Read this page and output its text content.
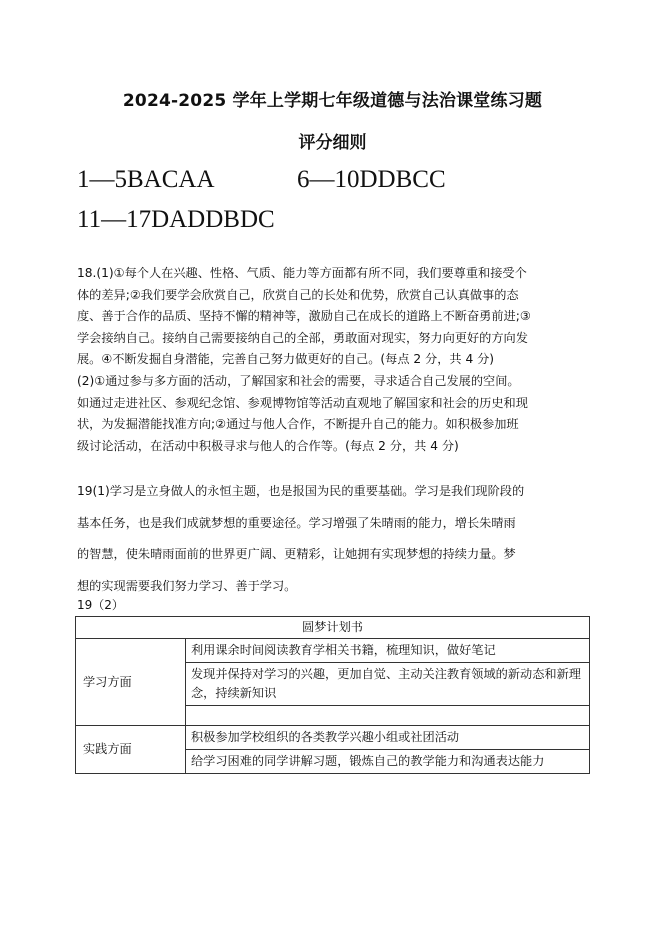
2024-2025 学年上学期七年级道德与法治课堂练习题
评分细则
1—5BACAA	6—10DDBCC
11—17DADDBDC
18.(1)①每个人在兴趣、性格、气质、能力等方面都有所不同，我们要尊重和接受个
体的差异;②我们要学会欣赏自己，欣赏自己的长处和优势，欣赏自己认真做事的态
度、善于合作的品质、坚持不懈的精神等，激励自己在成长的道路上不断奋勇前进;③
学会接纳自己。接纳自己需要接纳自己的全部，勇敢面对现实，努力向更好的方向发
展。④不断发掘自身潜能，完善自己努力做更好的自己。(每点 2 分，共 4 分)
(2)①通过参与多方面的活动，了解国家和社会的需要，寻求适合自己发展的空间。
如通过走进社区、参观纪念馆、参观博物馆等活动直观地了解国家和社会的历史和现
状，为发掘潜能找准方向;②通过与他人合作，不断提升自己的能力。如积极参加班
级讨论活动，在活动中积极寻求与他人的合作等。(每点 2 分，共 4 分)
19(1)学习是立身做人的永恒主题，也是报国为民的重要基础。学习是我们现阶段的
基本任务，也是我们成就梦想的重要途径。学习增强了朱晴雨的能力，增长朱晴雨
的智慧，使朱晴雨面前的世界更广阔、更精彩，让她拥有实现梦想的持续力量。梦
想的实现需要我们努力学习、善于学习。
19（2）
圆梦计划书	
学习方面	利用课余时间阅读教育学相关书籍，梳理知识，做好笔记
	发现并保持对学习的兴趣，更加自觉、主动关注教育领域的新动态和新理念，持续新知识

实践方面	积极参加学校组织的各类教学兴趣小组或社团活动
	给学习困难的同学讲解习题，锻炼自己的教学能力和沟通表达能力
